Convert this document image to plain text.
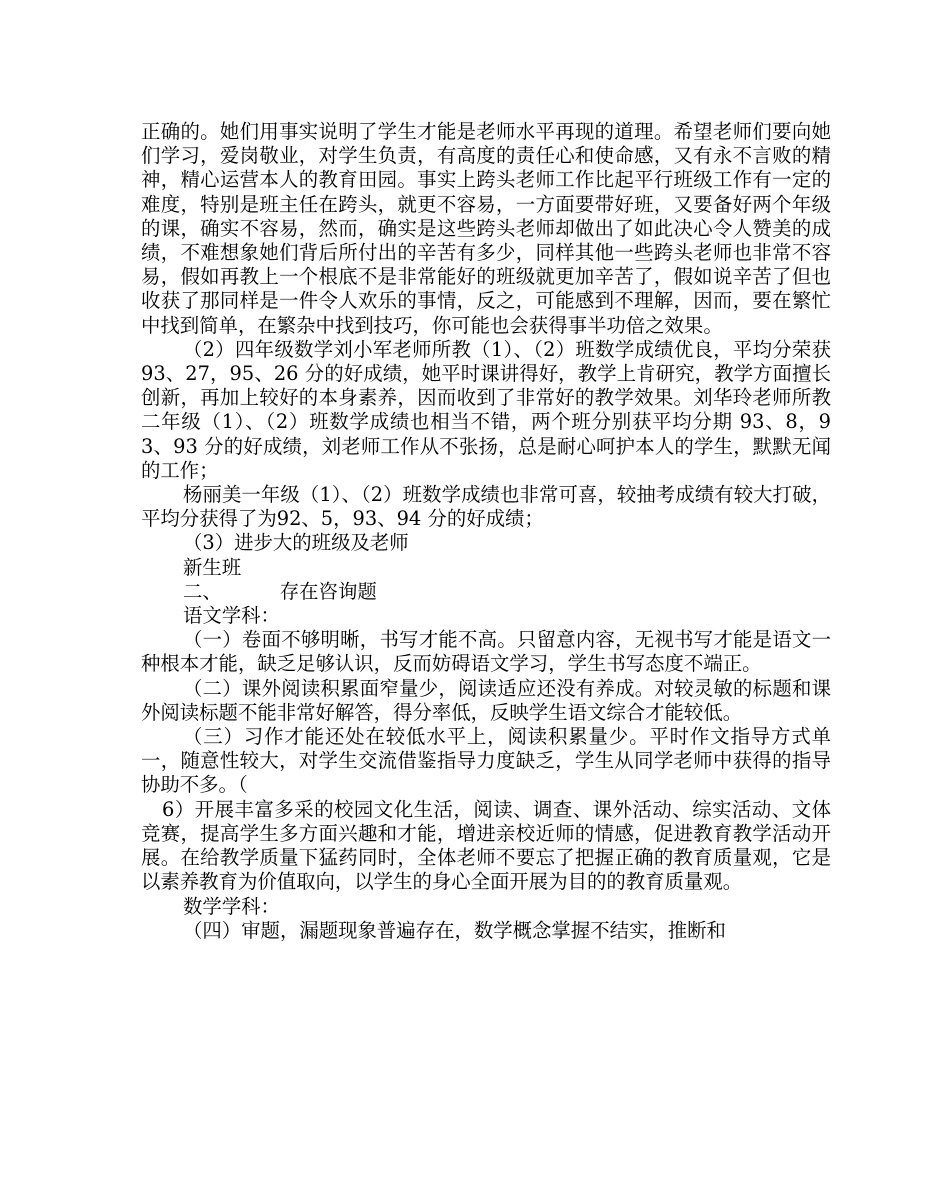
正确的。她们用事实说明了学生才能是老师水平再现的道理。希望老师们要向她们学习，爱岗敬业，对学生负责，有高度的责任心和使命感，又有永不言败的精神，精心运营本人的教育田园。事实上跨头老师工作比起平行班级工作有一定的难度，特别是班主任在跨头，就更不容易，一方面要带好班，又要备好两个年级的课，确实不容易，然而，确实是这些跨头老师却做出了如此决心令人赞美的成绩，不难想象她们背后所付出的辛苦有多少，同样其他一些跨头老师也非常不容易，假如再教上一个根底不是非常能好的班级就更加辛苦了，假如说辛苦了但也收获了那同样是一件令人欢乐的事情，反之，可能感到不理解，因而，要在繁忙中找到简单，在繁杂中找到技巧，你可能也会获得事半功倍之效果。

（2）四年级数学刘小军老师所教（1）、（2）班数学成绩优良，平均分荣获 93、27，95、26 分的好成绩，她平时课讲得好，教学上肯研究，教学方面擅长创新，再加上较好的本身素养，因而收到了非常好的教学效果。刘华玲老师所教二年级（1）、（2）班数学成绩也相当不错，两个班分别获平均分期 93、8，93、93 分的好成绩，刘老师工作从不张扬，总是耐心呵护本人的学生，默默无闻的工作；

杨丽美一年级（1）、（2）班数学成绩也非常可喜，较抽考成绩有较大打破，平均分获得了为92、5，93、94 分的好成绩；

（3）进步大的班级及老师

新生班

二、	存在咨询题

语文学科：

（一）卷面不够明晰，书写才能不高。只留意内容，无视书写才能是语文一种根本才能，缺乏足够认识，反而妨碍语文学习，学生书写态度不端正。

（二）课外阅读积累面窄量少，阅读适应还没有养成。对较灵敏的标题和课外阅读标题不能非常好解答，得分率低，反映学生语文综合才能较低。

（三）习作才能还处在较低水平上，阅读积累量少。平时作文指导方式单一，随意性较大，对学生交流借鉴指导力度缺乏，学生从同学老师中获得的指导协助不多。（

6）开展丰富多采的校园文化生活，阅读、调查、课外活动、综实活动、文体竞赛，提高学生多方面兴趣和才能，增进亲校近师的情感，促进教育教学活动开展。在给教学质量下猛药同时，全体老师不要忘了把握正确的教育质量观，它是以素养教育为价值取向，以学生的身心全面开展为目的的教育质量观。

数学学科：

（四）审题，漏题现象普遍存在，数学概念掌握不结实，推断和
